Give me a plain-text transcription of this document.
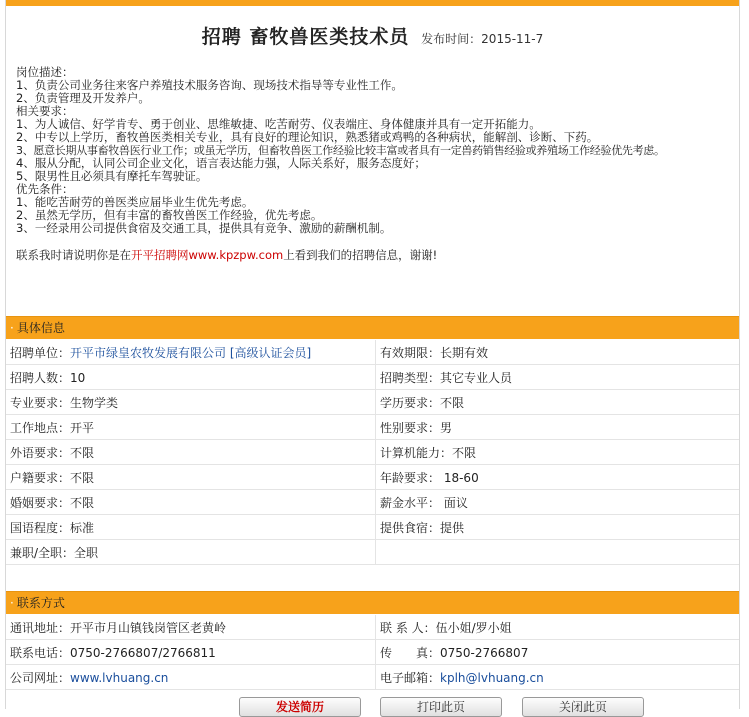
招聘 畜牧兽医类技术员 发布时间：2015-11-7
岗位描述：
1、负责公司业务往来客户养殖技术服务咨询、现场技术指导等专业性工作。
2、负责管理及开发养户。
相关要求：
1、为人诚信、好学肯专、勇于创业、思维敏捷、吃苦耐劳、仪表端庄、身体健康并具有一定开拓能力。
2、中专以上学历，畜牧兽医类相关专业，具有良好的理论知识，熟悉猪或鸡鸭的各种病状，能解剖、诊断、下药。
3、愿意长期从事畜牧兽医行业工作；或虽无学历，但畜牧兽医工作经验比较丰富或者具有一定兽药销售经验或养殖场工作经验优先考虑。
4、服从分配，认同公司企业文化，语言表达能力强，人际关系好，服务态度好；
5、限男性且必须具有摩托车驾驶证。
优先条件：
1、能吃苦耐劳的兽医类应届毕业生优先考虑。
2、虽然无学历，但有丰富的畜牧兽医工作经验，优先考虑。
3、一经录用公司提供食宿及交通工具，提供具有竞争、激励的薪酬机制。
联系我时请说明你是在开平招聘网www.kpzpw.com上看到我们的招聘信息，谢谢!
· 具体信息
招聘单位：开平市绿皇农牧发展有限公司 [高级认证会员]	有效期限：长期有效
招聘人数：10	招聘类型：其它专业人员
专业要求：生物学类	学历要求：不限
工作地点：开平	性别要求：男
外语要求：不限	计算机能力：不限
户籍要求：不限	年龄要求： 18-60
婚姻要求：不限	薪金水平： 面议
国语程度：标准	提供食宿：提供
兼职/全职：全职	
· 联系方式
通讯地址：开平市月山镇钱岗管区老黄岭	联 系 人：伍小姐/罗小姐
联系电话：0750-2766807/2766811	传　　真：0750-2766807
公司网址：www.lvhuang.cn	电子邮箱：kplh@lvhuang.cn
发送简历	打印此页	关闭此页
